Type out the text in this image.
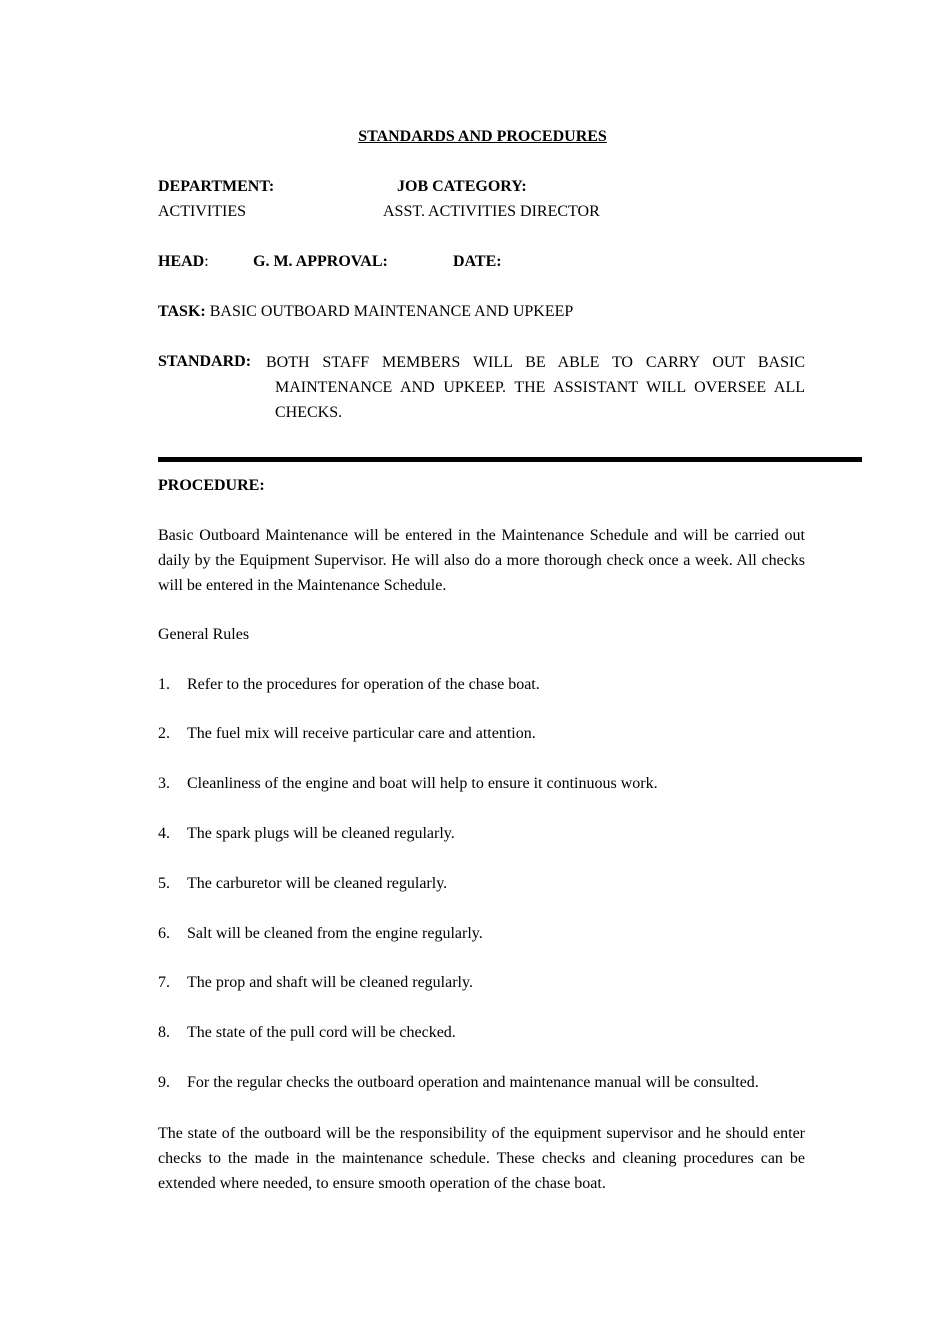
STANDARDS AND PROCEDURES
DEPARTMENT:	JOB CATEGORY:
ACTIVITIES	ASST. ACTIVITIES DIRECTOR
HEAD:	G. M. APPROVAL:	DATE:
TASK: BASIC OUTBOARD MAINTENANCE AND UPKEEP
STANDARD: BOTH STAFF MEMBERS WILL BE ABLE TO CARRY OUT BASIC MAINTENANCE AND UPKEEP. THE ASSISTANT WILL OVERSEE ALL CHECKS.
PROCEDURE:
Basic Outboard Maintenance will be entered in the Maintenance Schedule and will be carried out daily by the Equipment Supervisor. He will also do a more thorough check once a week. All checks will be entered in the Maintenance Schedule.
General Rules
1. Refer to the procedures for operation of the chase boat.
2. The fuel mix will receive particular care and attention.
3. Cleanliness of the engine and boat will help to ensure it continuous work.
4. The spark plugs will be cleaned regularly.
5. The carburetor will be cleaned regularly.
6. Salt will be cleaned from the engine regularly.
7. The prop and shaft will be cleaned regularly.
8. The state of the pull cord will be checked.
9. For the regular checks the outboard operation and maintenance manual will be consulted.
The state of the outboard will be the responsibility of the equipment supervisor and he should enter checks to the made in the maintenance schedule. These checks and cleaning procedures can be extended where needed, to ensure smooth operation of the chase boat.
